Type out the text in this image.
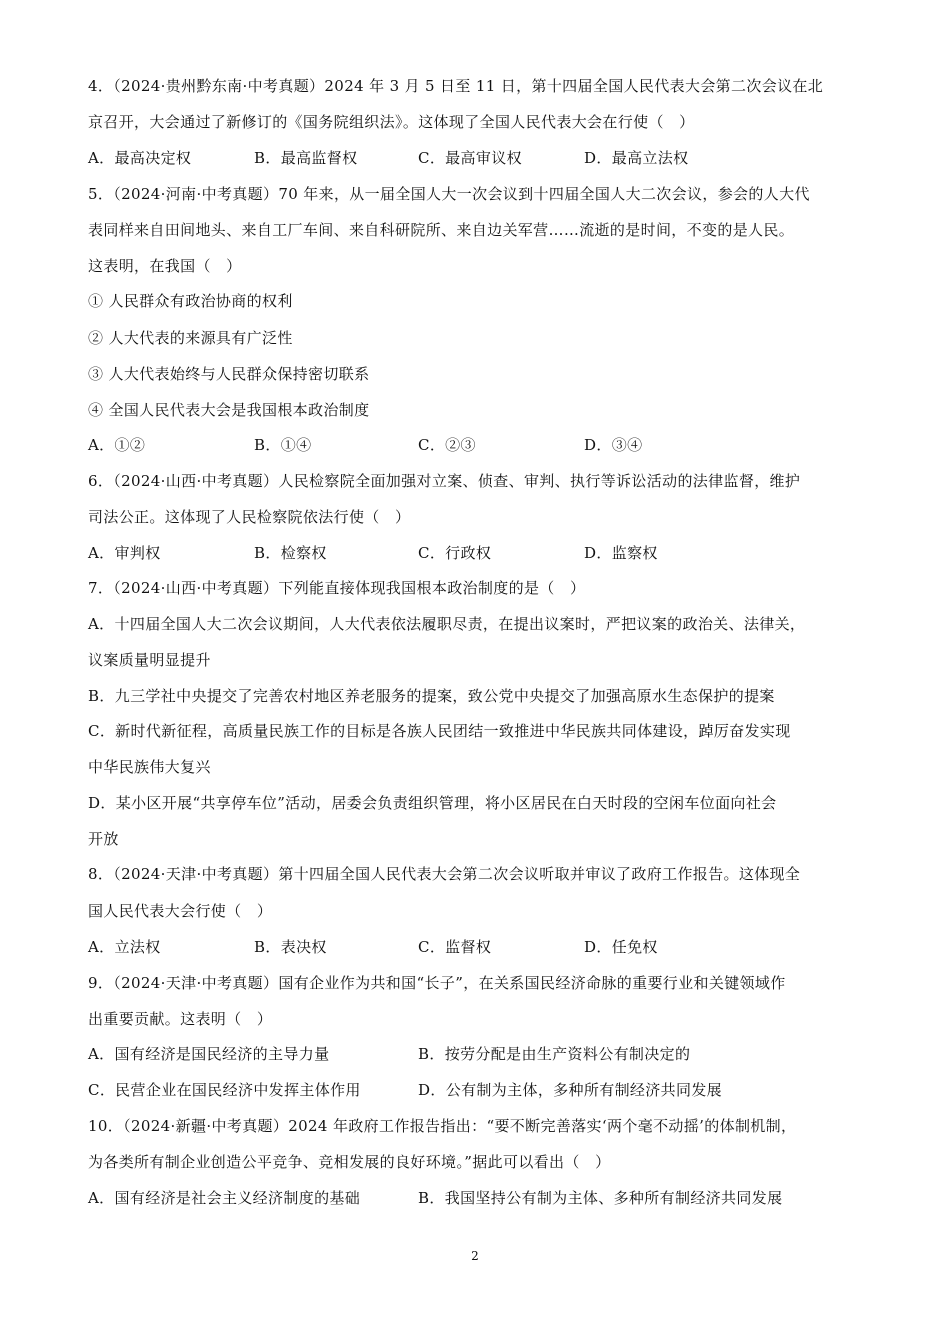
4．（2024·贵州黔东南·中考真题）2024 年 3 月 5 日至 11 日，第十四届全国人民代表大会第二次会议在北
京召开，大会通过了新修订的《国务院组织法》。这体现了全国人民代表大会在行使（　）
A．最高决定权	B．最高监督权	C．最高审议权	D．最高立法权
5．（2024·河南·中考真题）70 年来，从一届全国人大一次会议到十四届全国人大二次会议，参会的人大代
表同样来自田间地头、来自工厂车间、来自科研院所、来自边关军营……流逝的是时间，不变的是人民。
这表明，在我国（　）
① 人民群众有政治协商的权利
② 人大代表的来源具有广泛性
③ 人大代表始终与人民群众保持密切联系
④ 全国人民代表大会是我国根本政治制度
A．①②	B．①④	C．②③	D．③④
6．（2024·山西·中考真题）人民检察院全面加强对立案、侦查、审判、执行等诉讼活动的法律监督，维护
司法公正。这体现了人民检察院依法行使（　）
A．审判权	B．检察权	C．行政权	D．监察权
7．（2024·山西·中考真题）下列能直接体现我国根本政治制度的是（　）
A．十四届全国人大二次会议期间，人大代表依法履职尽责，在提出议案时，严把议案的政治关、法律关，
议案质量明显提升
B．九三学社中央提交了完善农村地区养老服务的提案，致公党中央提交了加强高原水生态保护的提案
C．新时代新征程，高质量民族工作的目标是各族人民团结一致推进中华民族共同体建设，踔厉奋发实现
中华民族伟大复兴
D．某小区开展“共享停车位”活动，居委会负责组织管理，将小区居民在白天时段的空闲车位面向社会
开放
8．（2024·天津·中考真题）第十四届全国人民代表大会第二次会议听取并审议了政府工作报告。这体现全
国人民代表大会行使（　）
A．立法权	B．表决权	C．监督权	D．任免权
9．（2024·天津·中考真题）国有企业作为共和国“长子”，在关系国民经济命脉的重要行业和关键领域作
出重要贡献。这表明（　）
A．国有经济是国民经济的主导力量	B．按劳分配是由生产资料公有制决定的
C．民营企业在国民经济中发挥主体作用	D．公有制为主体，多种所有制经济共同发展
10．（2024·新疆·中考真题）2024 年政府工作报告指出：“要不断完善落实‘两个毫不动摇’的体制机制，
为各类所有制企业创造公平竞争、竞相发展的良好环境。”据此可以看出（　）
A．国有经济是社会主义经济制度的基础	B．我国坚持公有制为主体、多种所有制经济共同发展
2
